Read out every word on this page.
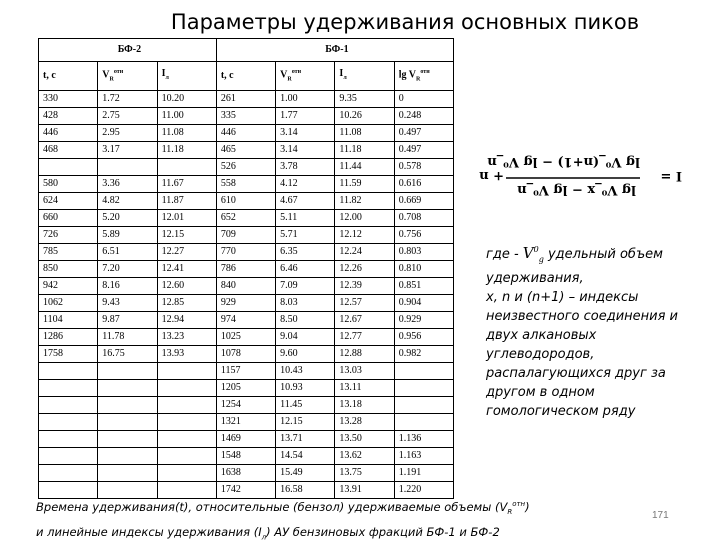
Параметры удерживания основных пиков
БФ-2			БФ-1			
t, c	$V_R^{отн}$	$I_л$	t, c	$V_R^{отн}$	$I_л$	$\lg V_R^{отн}$
330	1.72	10.20	261	1.00	9.35	0
428	2.75	11.00	335	1.77	10.26	0.248
446	2.95	11.08	446	3.14	11.08	0.497
468	3.17	11.18	465	3.14	11.18	0.497
			526	3.78	11.44	0.578
580	3.36	11.67	558	4.12	11.59	0.616
624	4.82	11.87	610	4.67	11.82	0.669
660	5.20	12.01	652	5.11	12.00	0.708
726	5.89	12.15	709	5.71	12.12	0.756
785	6.51	12.27	770	6.35	12.24	0.803
850	7.20	12.41	786	6.46	12.26	0.810
942	8.16	12.60	840	7.09	12.39	0.851
1062	9.43	12.85	929	8.03	12.57	0.904
1104	9.87	12.94	974	8.50	12.67	0.929
1286	11.78	13.23	1025	9.04	12.77	0.956
1758	16.75	13.93	1078	9.60	12.88	0.982
			1157	10.43	13.03	
			1205	10.93	13.11	
			1254	11.45	13.18	
			1321	12.15	13.28	
			1469	13.71	13.50	1.136
			1548	14.54	13.62	1.163
			1638	15.49	13.75	1.191
			1742	16.58	13.91	1.220
I =
lg V⁰_x − lg V⁰_n
lg V⁰_(n+1) − lg V⁰_n
+ n
где - $V^0_g$ удельный объем удерживания,
x, n и (n+1) – индексы неизвестного соединения и двух алкановых углеводородов, распалагующихся друг за другом в одном гомологическом ряду
Времена удерживания(t), относительные (бензол) удерживаемые объемы $(V_R^{отн})$
и линейные индексы удерживания $(I_л)$ АУ бензиновых фракций БФ-1 и БФ-2
171
